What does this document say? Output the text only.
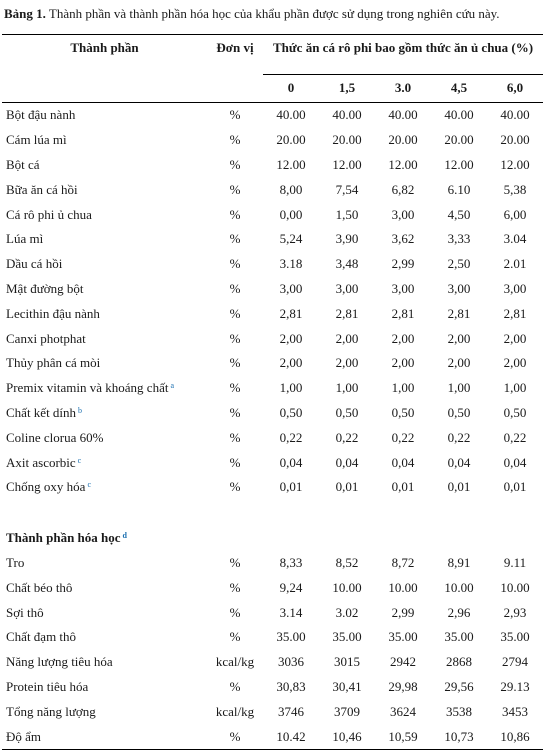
Bảng 1. Thành phần và thành phần hóa học của khẩu phần được sử dụng trong nghiên cứu này.
Thành phần	Đơn vị	Thức ăn cá rô phi bao gồm thức ăn ủ chua (%)				
		0	1,5	3.0	4,5	6,0
Bột đậu nành	%	40.00	40.00	40.00	40.00	40.00
Cám lúa mì	%	20.00	20.00	20.00	20.00	20.00
Bột cá	%	12.00	12.00	12.00	12.00	12.00
Bữa ăn cá hồi	%	8,00	7,54	6,82	6.10	5,38
Cá rô phi ủ chua	%	0,00	1,50	3,00	4,50	6,00
Lúa mì	%	5,24	3,90	3,62	3,33	3.04
Dầu cá hồi	%	3.18	3,48	2,99	2,50	2.01
Mật đường bột	%	3,00	3,00	3,00	3,00	3,00
Lecithin đậu nành	%	2,81	2,81	2,81	2,81	2,81
Canxi photphat	%	2,00	2,00	2,00	2,00	2,00
Thủy phân cá mòi	%	2,00	2,00	2,00	2,00	2,00
Premix vitamin và khoáng chất $^a$	%	1,00	1,00	1,00	1,00	1,00
Chất kết dính $^b$	%	0,50	0,50	0,50	0,50	0,50
Coline clorua 60%	%	0,22	0,22	0,22	0,22	0,22
Axit ascorbic $^c$	%	0,04	0,04	0,04	0,04	0,04
Chống oxy hóa $^c$	%	0,01	0,01	0,01	0,01	0,01

Thành phần hóa học $^d$
Tro	%	8,33	8,52	8,72	8,91	9.11
Chất béo thô	%	9,24	10.00	10.00	10.00	10.00
Sợi thô	%	3.14	3.02	2,99	2,96	2,93
Chất đạm thô	%	35.00	35.00	35.00	35.00	35.00
Năng lượng tiêu hóa	kcal/kg	3036	3015	2942	2868	2794
Protein tiêu hóa	%	30,83	30,41	29,98	29,56	29.13
Tổng năng lượng	kcal/kg	3746	3709	3624	3538	3453
Độ ẩm	%	10.42	10,46	10,59	10,73	10,86
